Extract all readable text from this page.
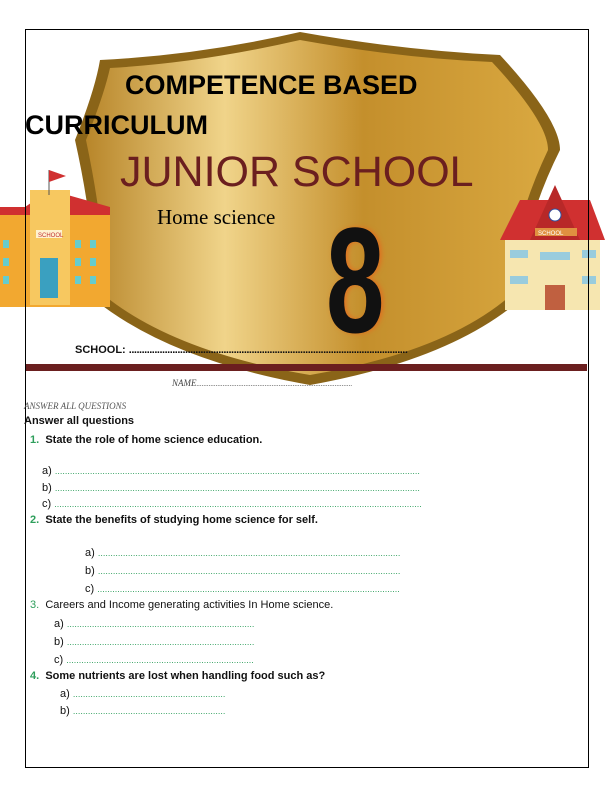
SCHOOL	SCHOOL
COMPETENCE BASED
CURRICULUM
JUNIOR SCHOOL
Home science 8
SCHOOL: .............................................................................................................
NAME.........................................................................................
ANSWER ALL QUESTIONS
Answer all questions
1. State the role of home science education.
a) ..................................................................................................................................................
b) ..................................................................................................................................................
c) ...................................................................................................................................................
2. State the benefits of studying home science for self.
a) .........................................................................................................................
b) .........................................................................................................................
c) .........................................................................................................................
3. Careers and Income generating activities In Home science.
a) ...........................................................................
b) ...........................................................................
c) ...........................................................................
4. Some nutrients are lost when handling food such as?
a) .............................................................
b) .............................................................
